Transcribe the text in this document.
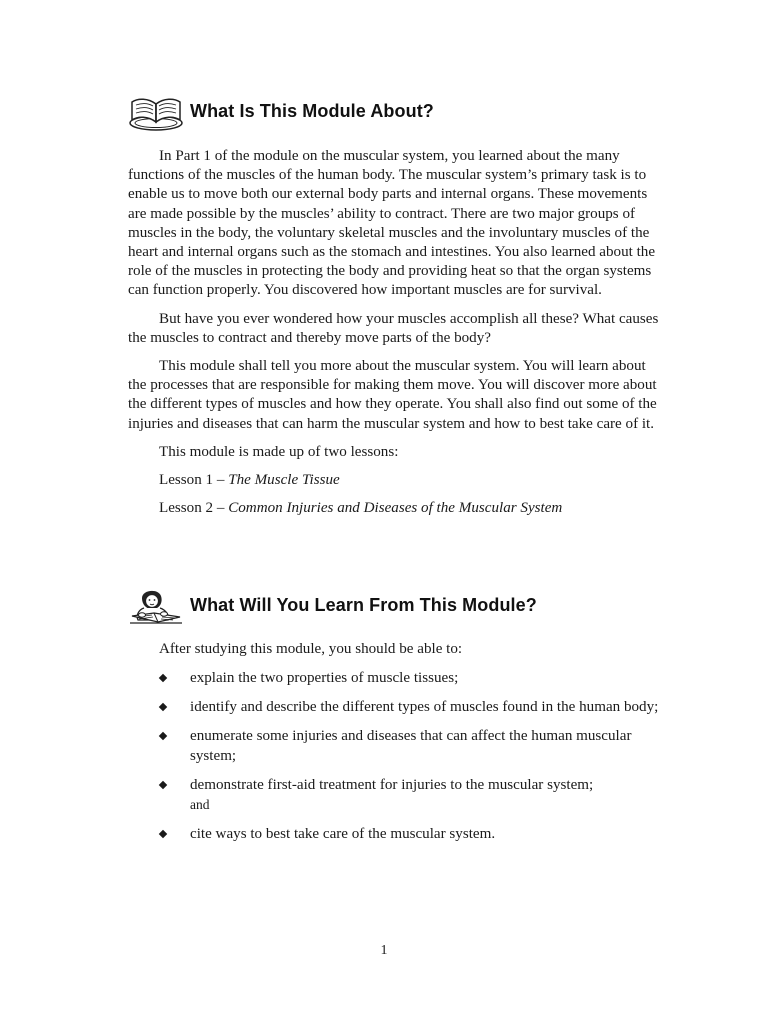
What Is This Module About?

In Part 1 of the module on the muscular system, you learned about the many functions of the muscles of the human body. The muscular system’s primary task is to enable us to move both our external body parts and internal organs. These movements are made possible by the muscles’ ability to contract. There are two major groups of muscles in the body, the voluntary skeletal muscles and the involuntary muscles of the heart and internal organs such as the stomach and intestines. You also learned about the role of the muscles in protecting the body and providing heat so that the organ systems can function properly. You discovered how important muscles are for survival.

But have you ever wondered how your muscles accomplish all these? What causes the muscles to contract and thereby move parts of the body?

This module shall tell you more about the muscular system. You will learn about the processes that are responsible for making them move. You will discover more about the different types of muscles and how they operate. You shall also find out some of the injuries and diseases that can harm the muscular system and how to best take care of it.

This module is made up of two lessons:

Lesson 1 – The Muscle Tissue

Lesson 2 – Common Injuries and Diseases of the Muscular System

What Will You Learn From This Module?

After studying this module, you should be able to:

explain the two properties of muscle tissues;
identify and describe the different types of muscles found in the human body;
enumerate some injuries and diseases that can affect the human muscular system;
demonstrate first-aid treatment for injuries to the muscular system;
and
cite ways to best take care of the muscular system.
1
